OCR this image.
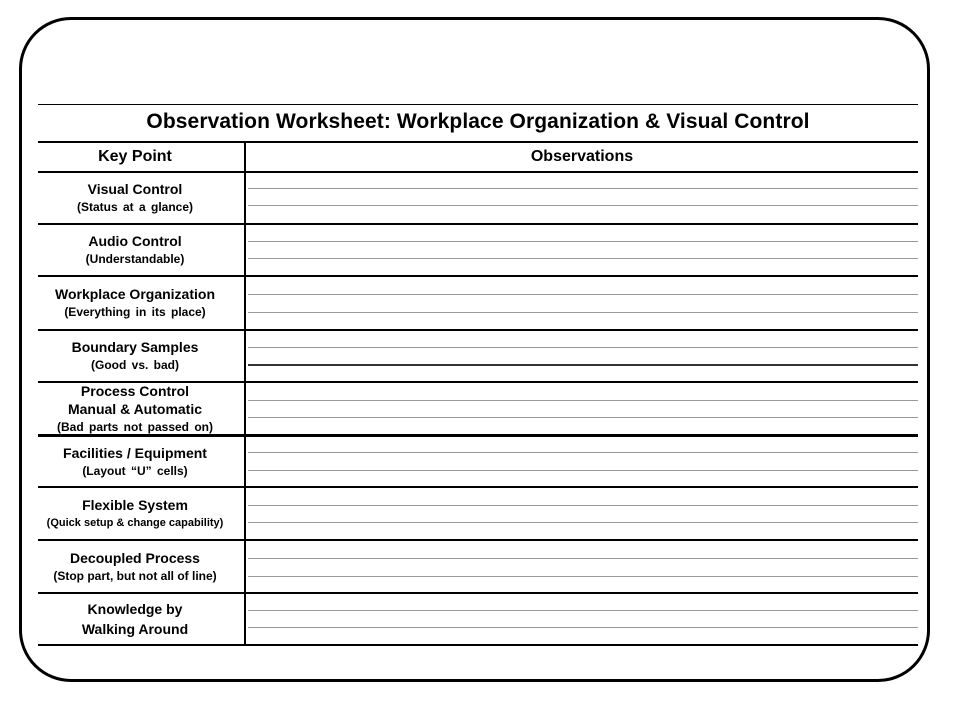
Observation Worksheet: Workplace Organization & Visual Control
Key Point	Observations
Visual Control
(Status at a glance)
Audio Control
(Understandable)
Workplace Organization
(Everything in its place)
Boundary Samples
(Good vs. bad)
Process Control
Manual & Automatic
(Bad parts not passed on)
Facilities / Equipment
(Layout “U” cells)
Flexible System
(Quick setup & change capability)
Decoupled Process
(Stop part, but not all of line)
Knowledge by
Walking Around
